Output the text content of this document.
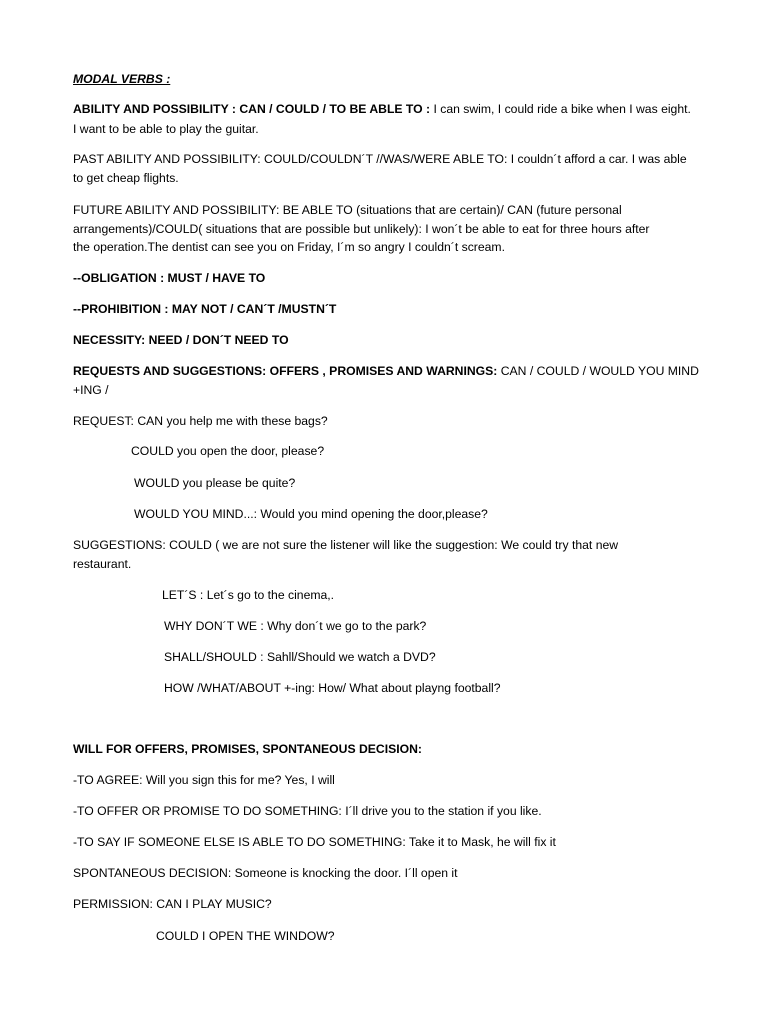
MODAL VERBS :
ABILITY AND POSSIBILITY : CAN / COULD / TO BE ABLE TO : I can swim, I could ride a bike when I was eight.
I want to be able to play the guitar.
PAST ABILITY AND POSSIBILITY: COULD/COULDN´T //WAS/WERE ABLE TO: I couldn´t afford a car. I was able
to get cheap flights.
FUTURE ABILITY AND POSSIBILITY: BE ABLE TO (situations that are certain)/ CAN (future personal
arrangements)/COULD( situations that are possible but unlikely): I won´t be able to eat for three hours after
the operation.The dentist can see you on Friday, I´m so angry I couldn´t scream.
--OBLIGATION : MUST / HAVE TO
--PROHIBITION : MAY NOT / CAN´T /MUSTN´T
NECESSITY: NEED / DON´T NEED TO
REQUESTS AND SUGGESTIONS: OFFERS , PROMISES AND WARNINGS: CAN / COULD / WOULD YOU MIND
+ING /
REQUEST: CAN you help me with these bags?
COULD you open the door, please?
WOULD you please be quite?
WOULD YOU MIND...: Would you mind opening the door,please?
SUGGESTIONS: COULD ( we are not sure the listener will like the suggestion: We could try that new
restaurant.
LET´S : Let´s go to the cinema,.
WHY DON´T WE : Why don´t we go to the park?
SHALL/SHOULD : Sahll/Should we watch a DVD?
HOW /WHAT/ABOUT +-ing: How/ What about playng football?
WILL FOR OFFERS, PROMISES, SPONTANEOUS DECISION:
-TO AGREE: Will you sign this for me? Yes, I will
-TO OFFER OR PROMISE TO DO SOMETHING: I´ll drive you to the station if you like.
-TO SAY IF SOMEONE ELSE IS ABLE TO DO SOMETHING: Take it to Mask, he will fix it
SPONTANEOUS DECISION: Someone is knocking the door. I´ll open it
PERMISSION: CAN I PLAY MUSIC?
COULD I OPEN THE WINDOW?
